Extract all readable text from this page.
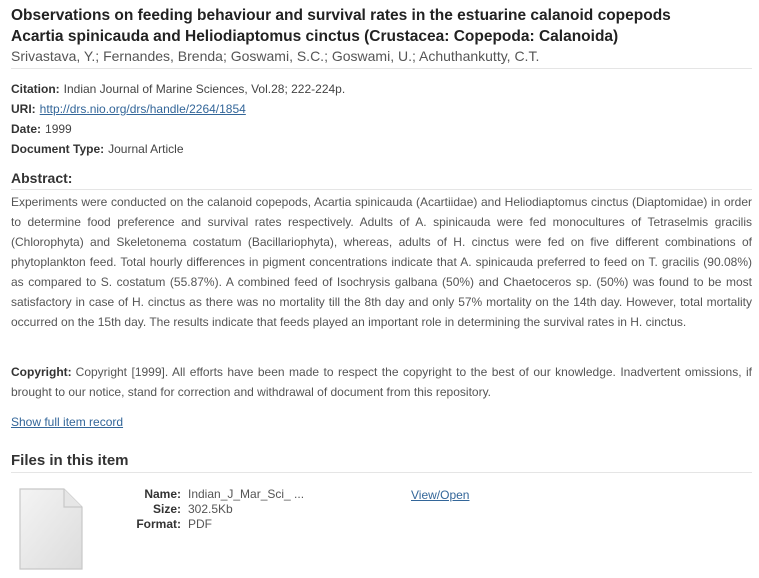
Observations on feeding behaviour and survival rates in the estuarine calanoid copepods
Acartia spinicauda and Heliodiaptomus cinctus (Crustacea: Copepoda: Calanoida)
Srivastava, Y.; Fernandes, Brenda; Goswami, S.C.; Goswami, U.; Achuthankutty, C.T.
Citation: Indian Journal of Marine Sciences, Vol.28; 222-224p.
URI: http://drs.nio.org/drs/handle/2264/1854
Date: 1999
Document Type: Journal Article
Abstract:
Experiments were conducted on the calanoid copepods, Acartia spinicauda (Acartiidae) and Heliodiaptomus cinctus (Diaptomidae) in order to determine food preference and survival rates respectively. Adults of A. spinicauda were fed monocultures of Tetraselmis gracilis (Chlorophyta) and Skeletonema costatum (Bacillariophyta), whereas, adults of H. cinctus were fed on five different combinations of phytoplankton feed. Total hourly differences in pigment concentrations indicate that A. spinicauda preferred to feed on T. gracilis (90.08%) as compared to S. costatum (55.87%). A combined feed of Isochrysis galbana (50%) and Chaetoceros sp. (50%) was found to be most satisfactory in case of H. cinctus as there was no mortality till the 8th day and only 57% mortality on the 14th day. However, total mortality occurred on the 15th day. The results indicate that feeds played an important role in determining the survival rates in H. cinctus.
Copyright: Copyright [1999]. All efforts have been made to respect the copyright to the best of our knowledge. Inadvertent omissions, if brought to our notice, stand for correction and withdrawal of document from this repository.
Show full item record
Files in this item
Name: Indian_J_Mar_Sci_ ...
Size: 302.5Kb
Format: PDF
View/Open
